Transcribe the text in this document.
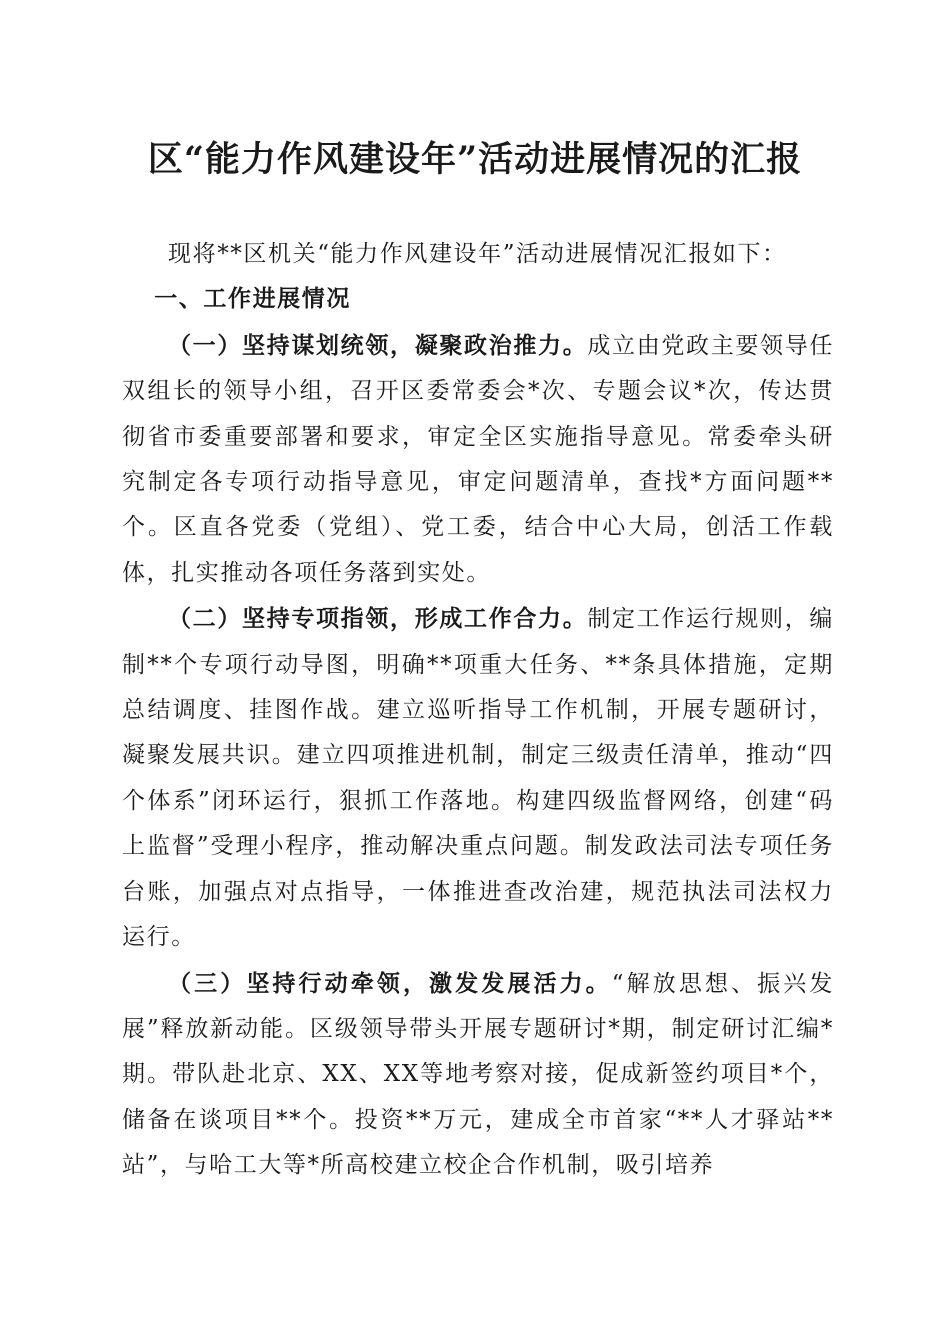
区“能力作风建设年”活动进展情况的汇报

现将**区机关“能力作风建设年”活动进展情况汇报如下：

一、工作进展情况

（一）坚持谋划统领，凝聚政治推力。成立由党政主要领导任双组长的领导小组，召开区委常委会*次、专题会议*次，传达贯彻省市委重要部署和要求，审定全区实施指导意见。常委牵头研究制定各专项行动指导意见，审定问题清单，查找*方面问题**个。区直各党委（党组）、党工委，结合中心大局，创活工作载体，扎实推动各项任务落到实处。

（二）坚持专项指领，形成工作合力。制定工作运行规则，编制**个专项行动导图，明确**项重大任务、**条具体措施，定期总结调度、挂图作战。建立巡听指导工作机制，开展专题研讨，凝聚发展共识。建立四项推进机制，制定三级责任清单，推动“四个体系”闭环运行，狠抓工作落地。构建四级监督网络，创建“码上监督”受理小程序，推动解决重点问题。制发政法司法专项任务台账，加强点对点指导，一体推进查改治建，规范执法司法权力运行。

（三）坚持行动牵领，激发发展活力。“解放思想、振兴发展”释放新动能。区级领导带头开展专题研讨*期，制定研讨汇编*期。带队赴北京、XX、XX等地考察对接，促成新签约项目*个，储备在谈项目**个。投资**万元，建成全市首家“**人才驿站**站”，与哈工大等*所高校建立校企合作机制，吸引培养
